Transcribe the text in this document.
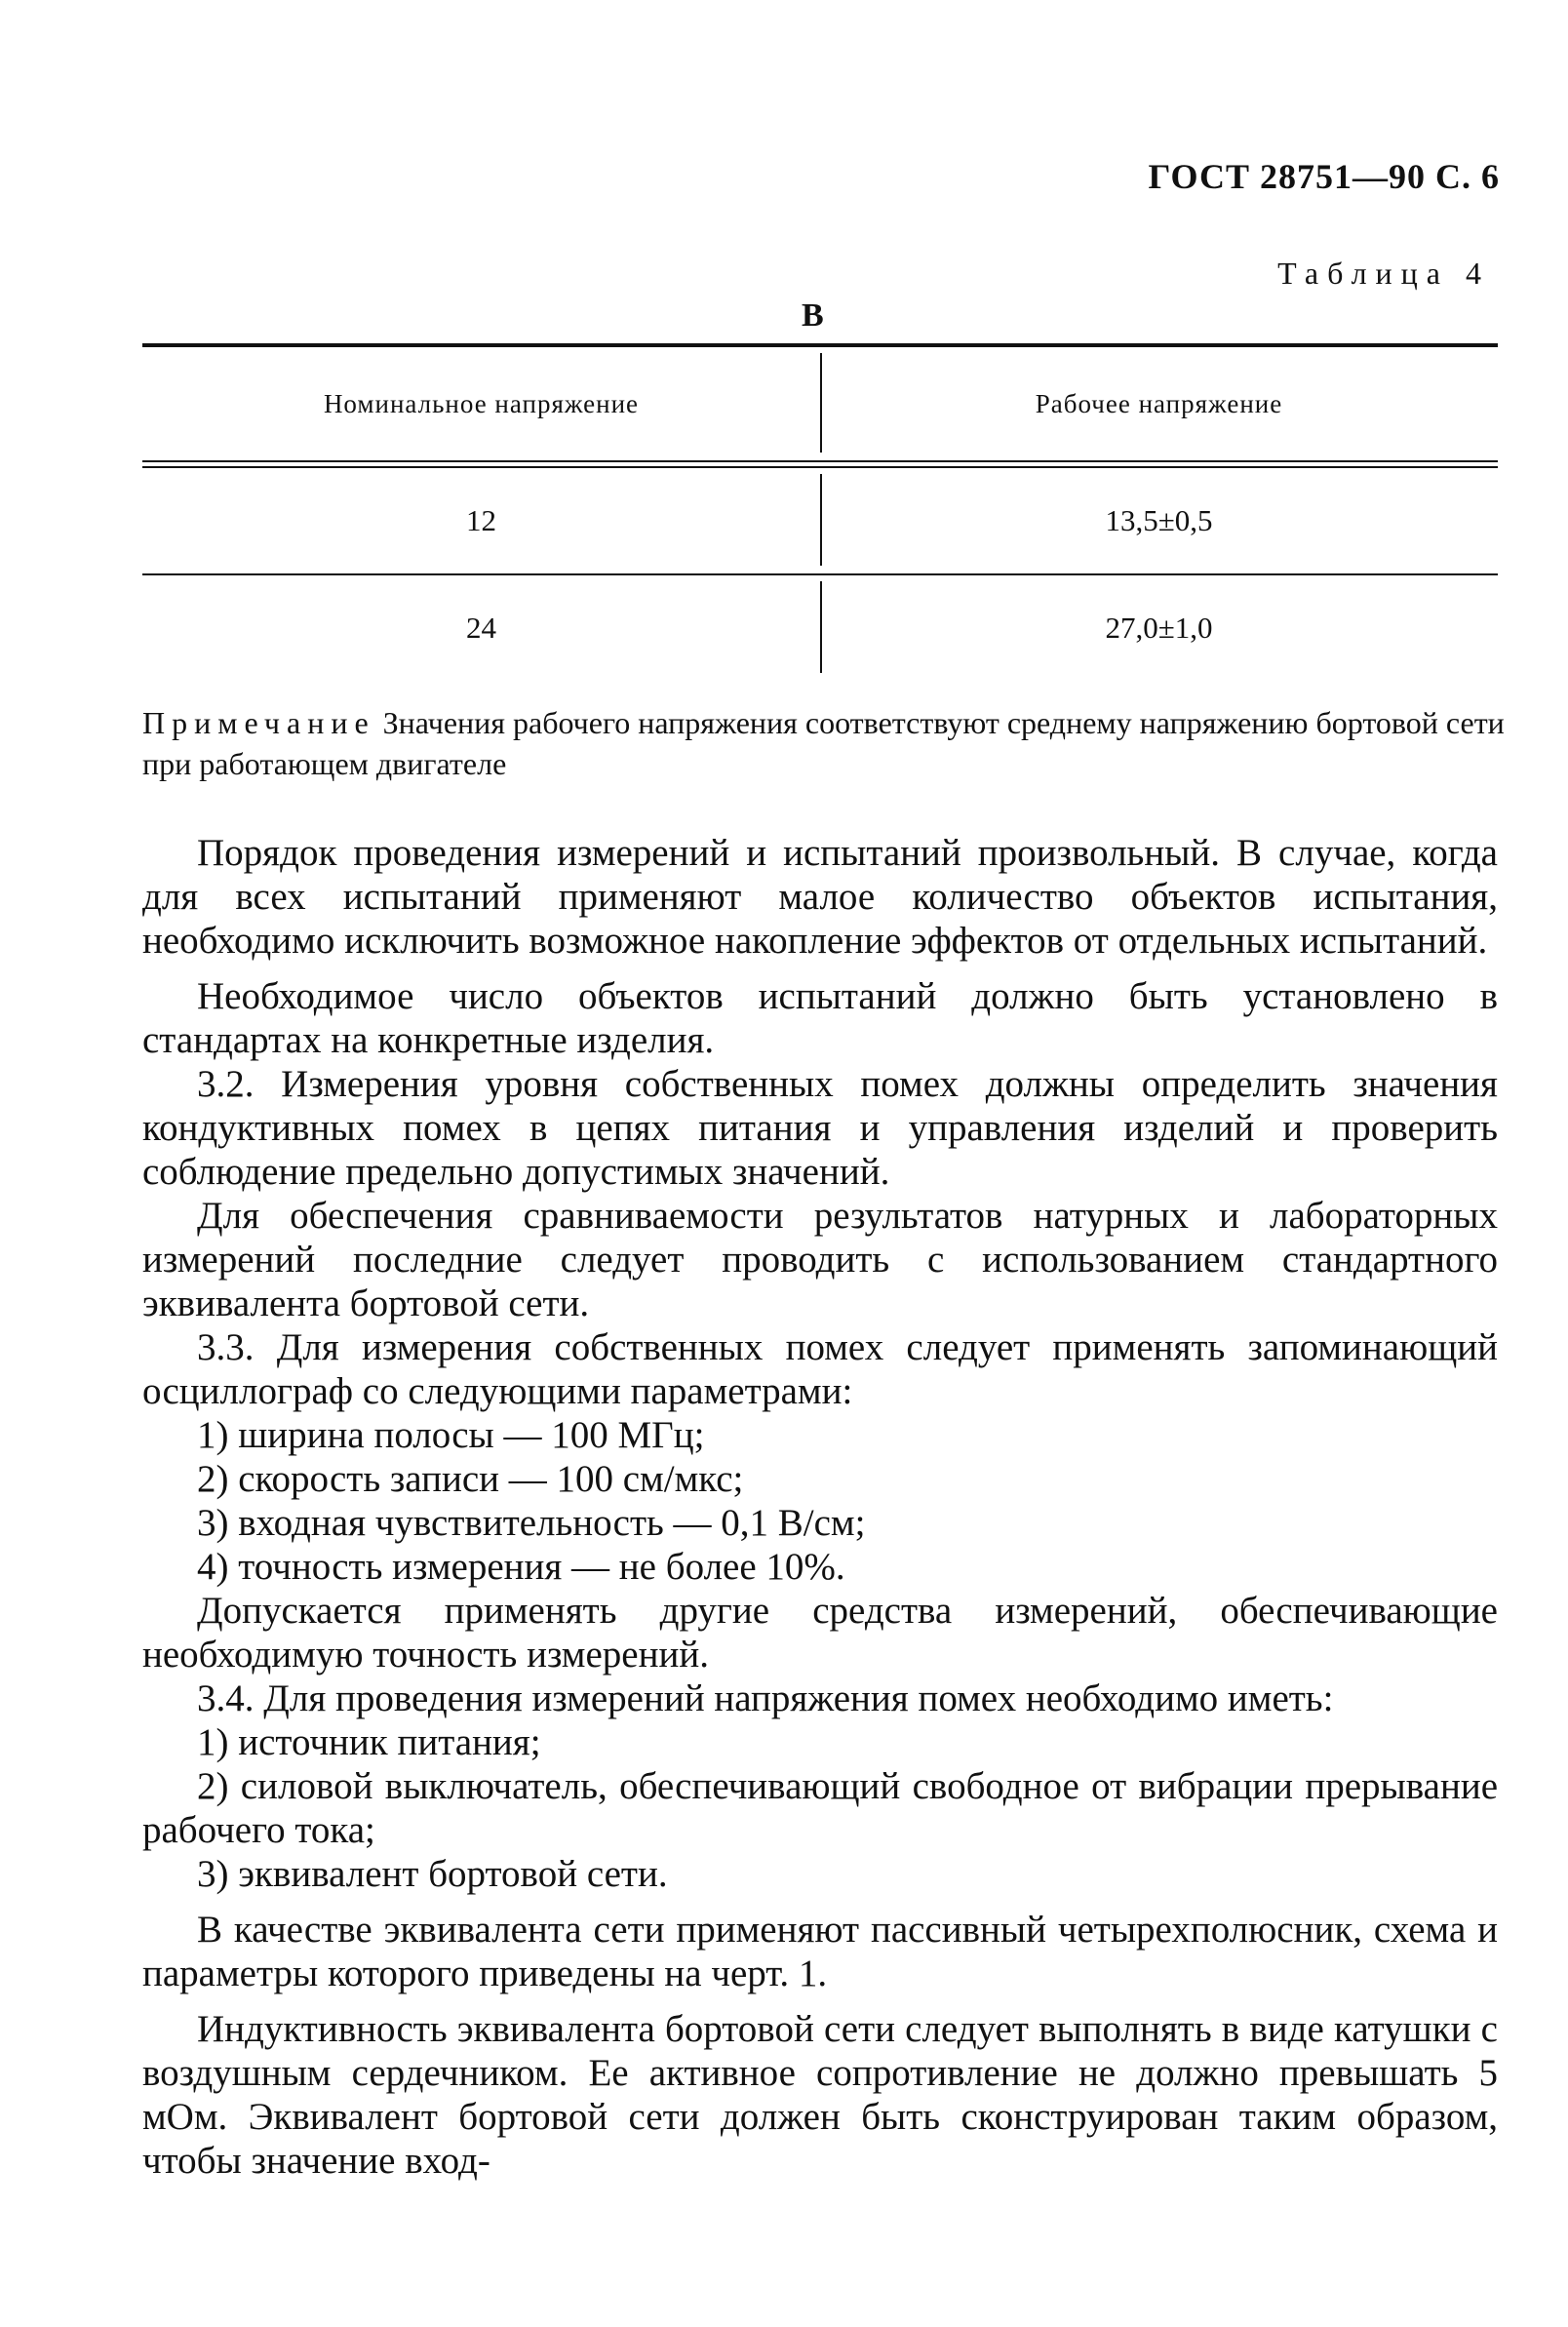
ГОСТ 28751—90 С. 6
Таблица 4
В
Номинальное напряжение	Рабочее напряжение
12	13,5±0,5
24	27,0±1,0
Примечание Значения рабочего напряжения соответствуют среднему напряжению бортовой сети при работающем двигателе

Порядок проведения измерений и испытаний произвольный. В случае, когда для всех испытаний применяют малое количество объектов испытания, необходимо исключить возможное накопление эффектов от отдельных испытаний.

Необходимое число объектов испытаний должно быть установлено в стандартах на конкретные изделия.

3.2. Измерения уровня собственных помех должны определить значения кондуктивных помех в цепях питания и управления изделий и проверить соблюдение предельно допустимых значений.

Для обеспечения сравниваемости результатов натурных и лабораторных измерений последние следует проводить с использованием стандартного эквивалента бортовой сети.

3.3. Для измерения собственных помех следует применять запоминающий осциллограф со следующими параметрами:

1) ширина полосы — 100 МГц;

2) скорость записи — 100 см/мкс;

3) входная чувствительность — 0,1 В/см;

4) точность измерения — не более 10%.

Допускается применять другие средства измерений, обеспечивающие необходимую точность измерений.

3.4. Для проведения измерений напряжения помех необходимо иметь:

1) источник питания;

2) силовой выключатель, обеспечивающий свободное от вибрации прерывание рабочего тока;

3) эквивалент бортовой сети.

В качестве эквивалента сети применяют пассивный четырехполюсник, схема и параметры которого приведены на черт. 1.

Индуктивность эквивалента бортовой сети следует выполнять в виде катушки с воздушным сердечником. Ее активное сопротивление не должно превышать 5 мОм. Эквивалент бортовой сети должен быть сконструирован таким образом, чтобы значение вход-
